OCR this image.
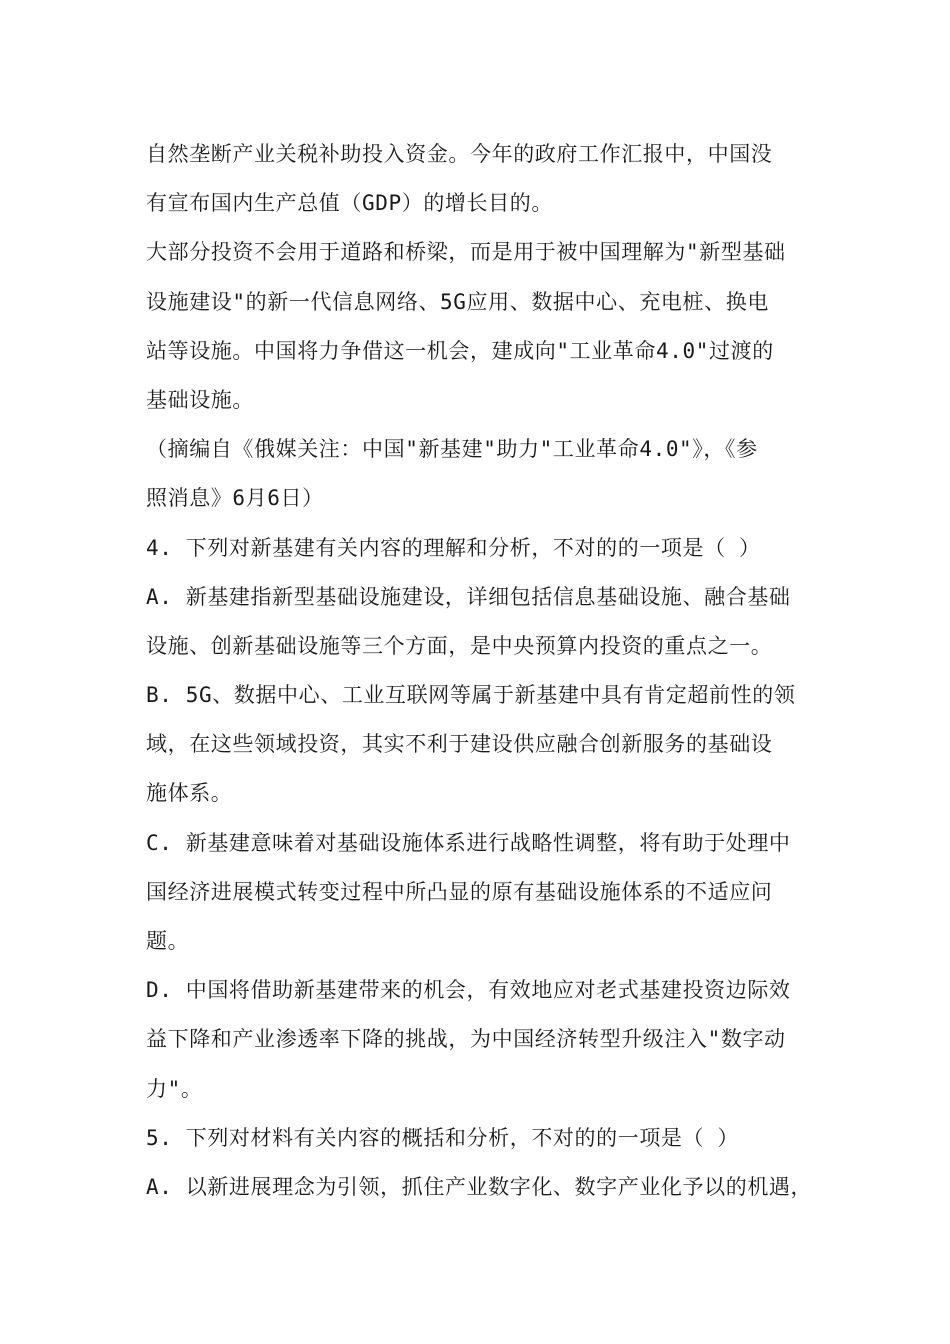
自然垄断产业关税补助投入资金。今年的政府工作汇报中，中国没
有宣布国内生产总值（GDP）的增长目的。
大部分投资不会用于道路和桥梁，而是用于被中国理解为"新型基础
设施建设"的新一代信息网络、5G应用、数据中心、充电桩、换电
站等设施。中国将力争借这一机会，建成向"工业革命4.0"过渡的
基础设施。
（摘编自《俄媒关注：中国"新基建"助力"工业革命4.0"》，《参
照消息》6月6日）
4. 下列对新基建有关内容的理解和分析，不对的的一项是（ ）
A. 新基建指新型基础设施建设，详细包括信息基础设施、融合基础
设施、创新基础设施等三个方面，是中央预算内投资的重点之一。
B. 5G、数据中心、工业互联网等属于新基建中具有肯定超前性的领
域，在这些领域投资，其实不利于建设供应融合创新服务的基础设
施体系。
C. 新基建意味着对基础设施体系进行战略性调整，将有助于处理中
国经济进展模式转变过程中所凸显的原有基础设施体系的不适应问
题。
D. 中国将借助新基建带来的机会，有效地应对老式基建投资边际效
益下降和产业渗透率下降的挑战，为中国经济转型升级注入"数字动
力"。
5. 下列对材料有关内容的概括和分析，不对的的一项是（ ）
A. 以新进展理念为引领，抓住产业数字化、数字产业化予以的机遇，
